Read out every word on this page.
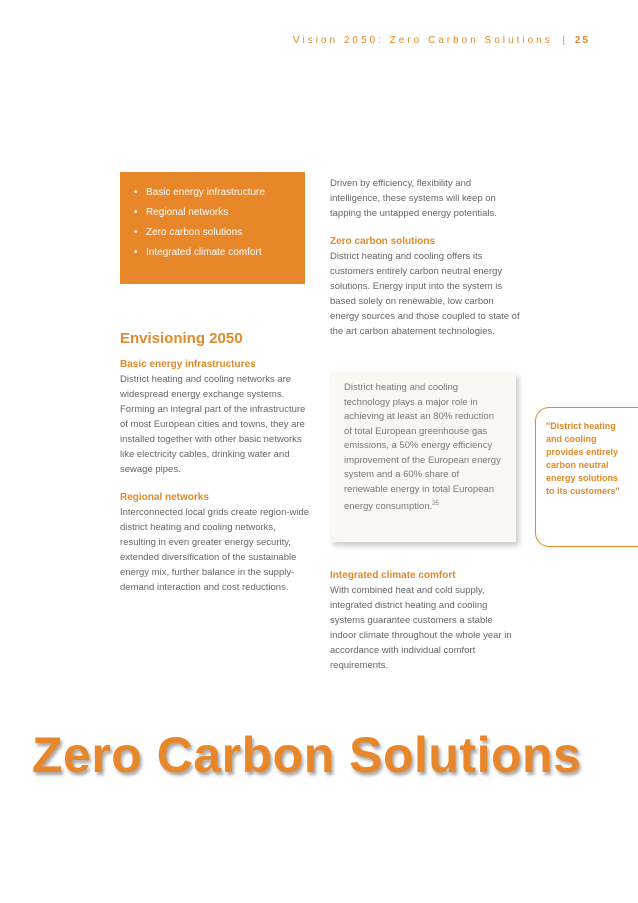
Vision 2050: Zero Carbon Solutions | 25
• Basic energy infrastructure
• Regional networks
• Zero carbon solutions
• Integrated climate comfort
Envisioning 2050
Basic energy infrastructures

District heating and cooling networks are widespread energy exchange systems. Forming an integral part of the infrastructure of most European cities and towns, they are installed together with other basic networks like electricity cables, drinking water and sewage pipes.

Regional networks

Interconnected local grids create region-wide district heating and cooling networks, resulting in even greater energy security, extended diversification of the sustainable energy mix, further balance in the supply-demand interaction and cost reductions.

Driven by efficiency, flexibility and intelligence, these systems will keep on tapping the untapped energy potentials.

Zero carbon solutions

District heating and cooling offers its customers entirely carbon neutral energy solutions. Energy input into the system is based solely on renewable, low carbon energy sources and those coupled to state of the art carbon abatement technologies.

District heating and cooling technology plays a major role in achieving at least an 80% reduction of total European greenhouse gas emissions, a 50% energy efficiency improvement of the European energy system and a 60% share of renewable energy in total European energy consumption.$^{25}$
Integrated climate comfort

With combined heat and cold supply, integrated district heating and cooling systems guarantee customers a stable indoor climate throughout the whole year in accordance with individual comfort requirements.

"District heating and cooling provides entirely carbon neutral energy solutions to its customers"
Zero Carbon Solutions
